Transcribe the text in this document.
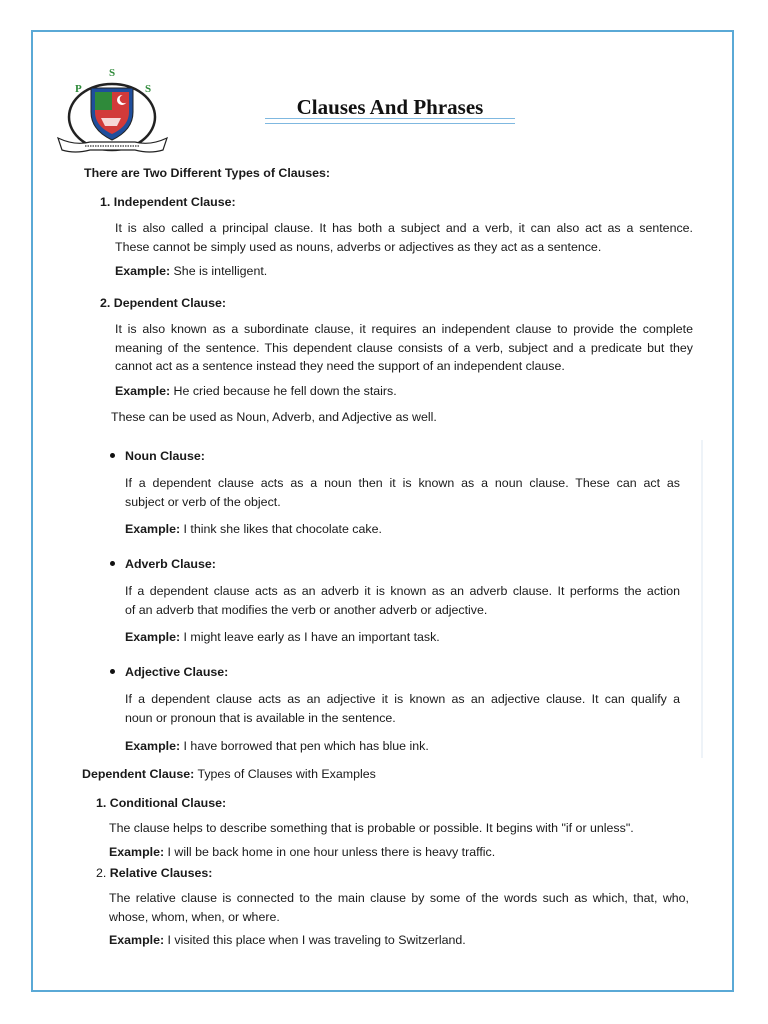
P
S
S
Clauses And Phrases
There are Two Different Types of Clauses:
1. Independent Clause:
It is also called a principal clause. It has both a subject and a verb, it can also act as a sentence.
These cannot be simply used as nouns, adverbs or adjectives as they act as a sentence.
Example: She is intelligent.
2. Dependent Clause:
It is also known as a subordinate clause, it requires an independent clause to provide the complete
meaning of the sentence. This dependent clause consists of a verb, subject and a predicate but they
cannot act as a sentence instead they need the support of an independent clause.
Example: He cried because he fell down the stairs.
These can be used as Noun, Adverb, and Adjective as well.
Noun Clause:
If a dependent clause acts as a noun then it is known as a noun clause. These can act as
subject or verb of the object.
Example: I think she likes that chocolate cake.
Adverb Clause:
If a dependent clause acts as an adverb it is known as an adverb clause. It performs the action
of an adverb that modifies the verb or another adverb or adjective.
Example: I might leave early as I have an important task.
Adjective Clause:
If a dependent clause acts as an adjective it is known as an adjective clause. It can qualify a
noun or pronoun that is available in the sentence.
Example: I have borrowed that pen which has blue ink.
Dependent Clause: Types of Clauses with Examples
1. Conditional Clause:
The clause helps to describe something that is probable or possible. It begins with "if or unless".
Example: I will be back home in one hour unless there is heavy traffic.
2. Relative Clauses:
The relative clause is connected to the main clause by some of the words such as which, that, who,
whose, whom, when, or where.
Example: I visited this place when I was traveling to Switzerland.
